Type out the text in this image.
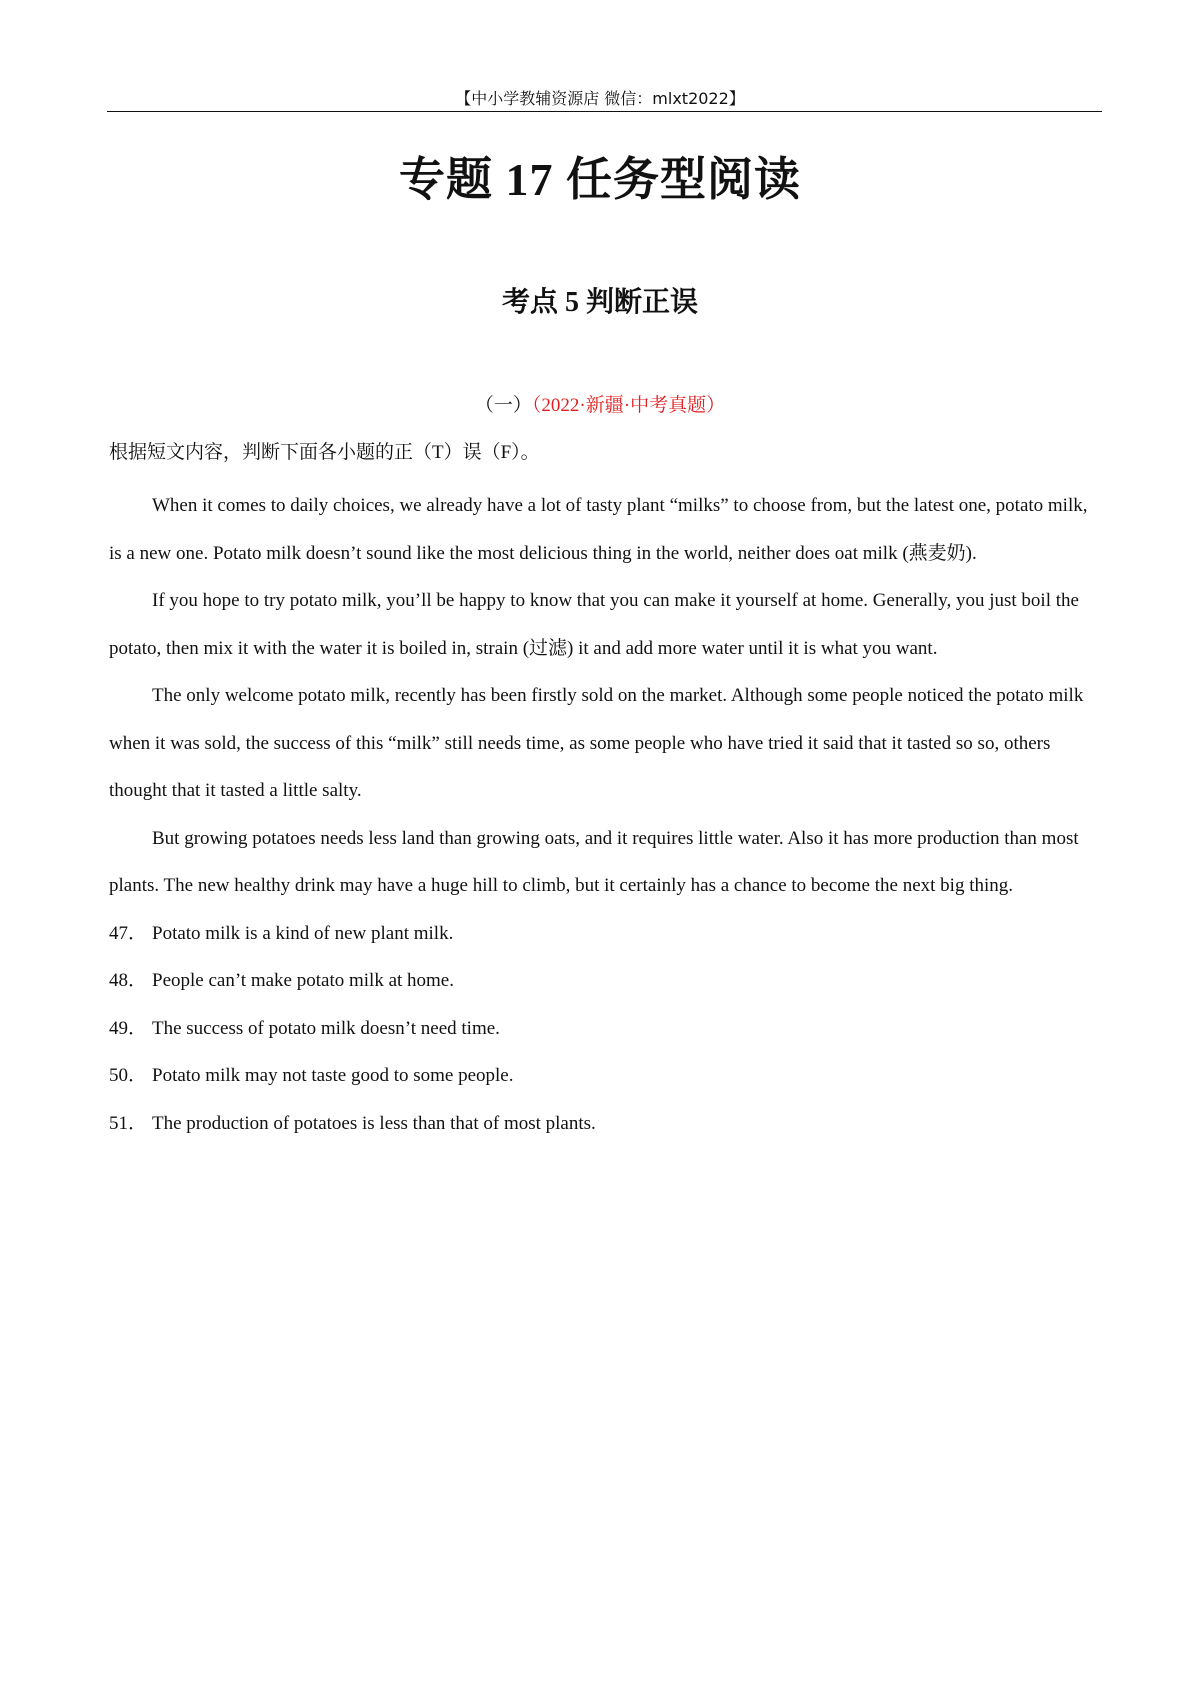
【中小学教辅资源店 微信：mlxt2022】
专题 17 任务型阅读
考点 5 判断正误
（一）（2022·新疆·中考真题）
根据短文内容，判断下面各小题的正（T）误（F）。

When it comes to daily choices, we already have a lot of tasty plant “milks” to choose from, but the latest one, potato milk, is a new one. Potato milk doesn’t sound like the most delicious thing in the world, neither does oat milk (燕麦奶).

If you hope to try potato milk, you’ll be happy to know that you can make it yourself at home. Generally, you just boil the potato, then mix it with the water it is boiled in, strain (过滤) it and add more water until it is what you want.

The only welcome potato milk, recently has been firstly sold on the market. Although some people noticed the potato milk when it was sold, the success of this “milk” still needs time, as some people who have tried it said that it tasted so so, others thought that it tasted a little salty.

But growing potatoes needs less land than growing oats, and it requires little water. Also it has more production than most plants. The new healthy drink may have a huge hill to climb, but it certainly has a chance to become the next big thing.

47． Potato milk is a kind of new plant milk.
48． People can’t make potato milk at home.
49． The success of potato milk doesn’t need time.
50． Potato milk may not taste good to some people.
51． The production of potatoes is less than that of most plants.
